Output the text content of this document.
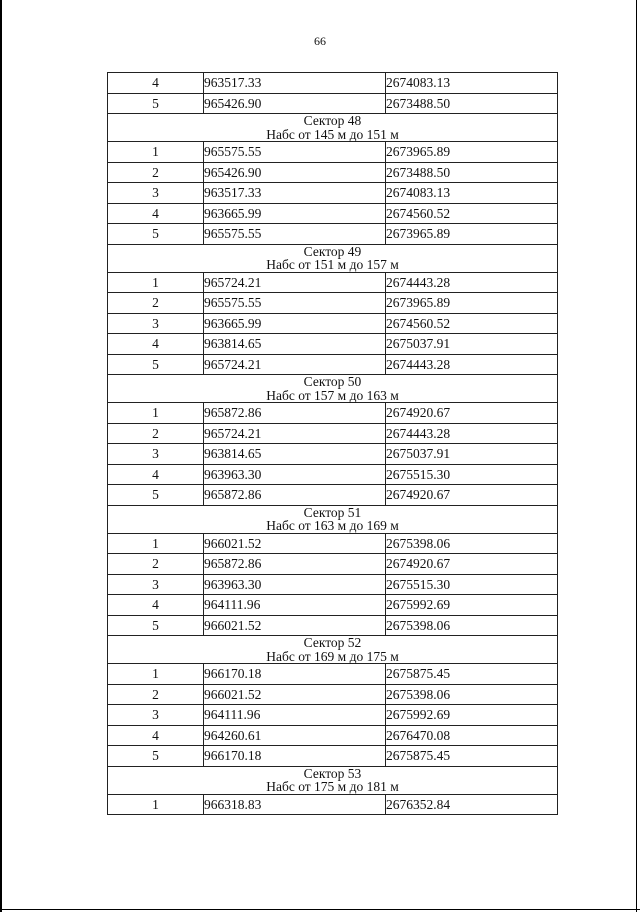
66
4	963517.33	2674083.13
5	965426.90	2673488.50

Сектор 48
Набс от 145 м до 151 м		

1	965575.55	2673965.89
2	965426.90	2673488.50
3	963517.33	2674083.13
4	963665.99	2674560.52
5	965575.55	2673965.89

Сектор 49
Набс от 151 м до 157 м		

1	965724.21	2674443.28
2	965575.55	2673965.89
3	963665.99	2674560.52
4	963814.65	2675037.91
5	965724.21	2674443.28

Сектор 50
Набс от 157 м до 163 м		

1	965872.86	2674920.67
2	965724.21	2674443.28
3	963814.65	2675037.91
4	963963.30	2675515.30
5	965872.86	2674920.67

Сектор 51
Набс от 163 м до 169 м		

1	966021.52	2675398.06
2	965872.86	2674920.67
3	963963.30	2675515.30
4	964111.96	2675992.69
5	966021.52	2675398.06

Сектор 52
Набс от 169 м до 175 м		

1	966170.18	2675875.45
2	966021.52	2675398.06
3	964111.96	2675992.69
4	964260.61	2676470.08
5	966170.18	2675875.45

Сектор 53
Набс от 175 м до 181 м		

1	966318.83	2676352.84
